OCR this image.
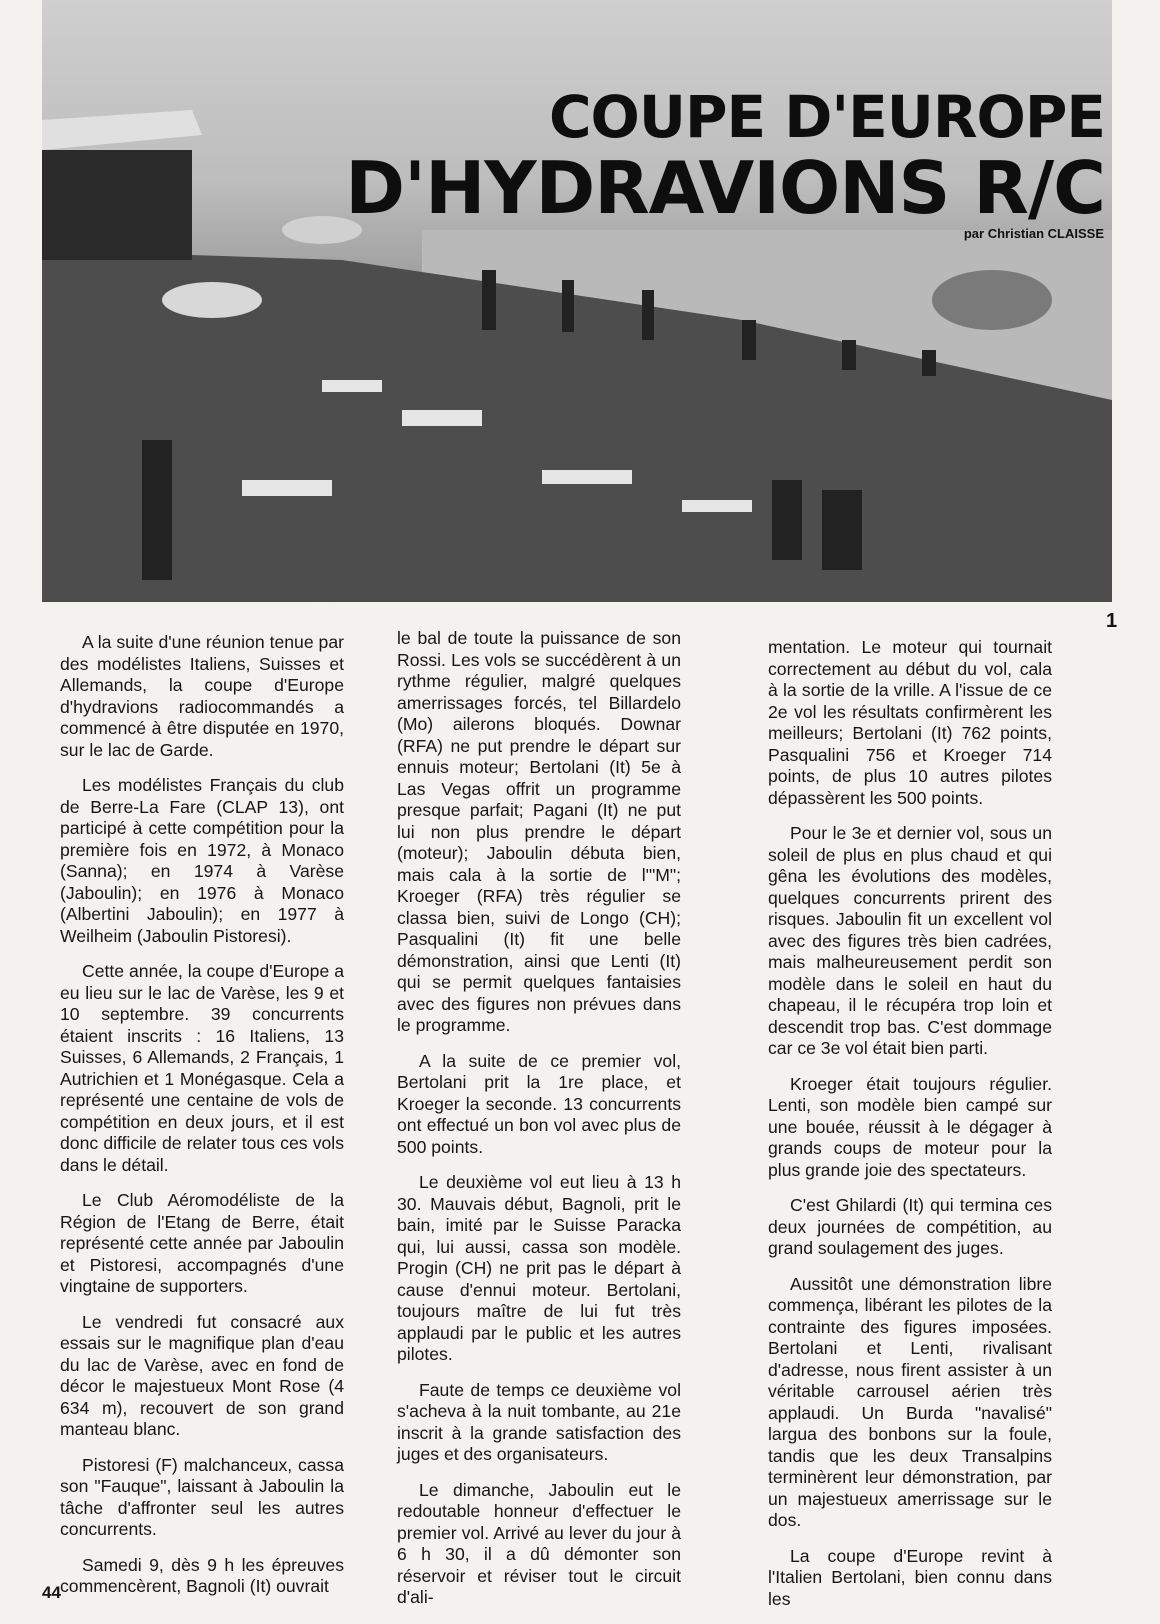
COUPE D'EUROPE
D'HYDRAVIONS R/C
par Christian CLAISSE
1

A la suite d'une réunion tenue par des modélistes Italiens, Suisses et Allemands, la coupe d'Europe d'hydravions radiocommandés a commencé à être disputée en 1970, sur le lac de Garde.

Les modélistes Français du club de Berre-La Fare (CLAP 13), ont participé à cette compétition pour la première fois en 1972, à Monaco (Sanna); en 1974 à Varèse (Jaboulin); en 1976 à Monaco (Albertini Jaboulin); en 1977 à Weilheim (Jaboulin Pistoresi).

Cette année, la coupe d'Europe a eu lieu sur le lac de Varèse, les 9 et 10 septembre. 39 concurrents étaient inscrits : 16 Italiens, 13 Suisses, 6 Allemands, 2 Français, 1 Autrichien et 1 Monégasque. Cela a représenté une centaine de vols de compétition en deux jours, et il est donc difficile de relater tous ces vols dans le détail.

Le Club Aéromodéliste de la Région de l'Etang de Berre, était représenté cette année par Jaboulin et Pistoresi, accompagnés d'une vingtaine de supporters.

Le vendredi fut consacré aux essais sur le magnifique plan d'eau du lac de Varèse, avec en fond de décor le majestueux Mont Rose (4 634 m), recouvert de son grand manteau blanc.

Pistoresi (F) malchanceux, cassa son "Fauque", laissant à Jaboulin la tâche d'affronter seul les autres concurrents.

Samedi 9, dès 9 h les épreuves commencèrent, Bagnoli (It) ouvrait

le bal de toute la puissance de son Rossi. Les vols se succédèrent à un rythme régulier, malgré quelques amerrissages forcés, tel Billardelo (Mo) ailerons bloqués. Downar (RFA) ne put prendre le départ sur ennuis moteur; Bertolani (It) 5e à Las Vegas offrit un programme presque parfait; Pagani (It) ne put lui non plus prendre le départ (moteur); Jaboulin débuta bien, mais cala à la sortie de l'"M"; Kroeger (RFA) très régulier se classa bien, suivi de Longo (CH); Pasqualini (It) fit une belle démonstration, ainsi que Lenti (It) qui se permit quelques fantaisies avec des figures non prévues dans le programme.

A la suite de ce premier vol, Bertolani prit la 1re place, et Kroeger la seconde. 13 concurrents ont effectué un bon vol avec plus de 500 points.

Le deuxième vol eut lieu à 13 h 30. Mauvais début, Bagnoli, prit le bain, imité par le Suisse Paracka qui, lui aussi, cassa son modèle. Progin (CH) ne prit pas le départ à cause d'ennui moteur. Bertolani, toujours maître de lui fut très applaudi par le public et les autres pilotes.

Faute de temps ce deuxième vol s'acheva à la nuit tombante, au 21e inscrit à la grande satisfaction des juges et des organisateurs.

Le dimanche, Jaboulin eut le redoutable honneur d'effectuer le premier vol. Arrivé au lever du jour à 6 h 30, il a dû démonter son réservoir et réviser tout le circuit d'ali-

mentation. Le moteur qui tournait correctement au début du vol, cala à la sortie de la vrille. A l'issue de ce 2e vol les résultats confirmèrent les meilleurs; Bertolani (It) 762 points, Pasqualini 756 et Kroeger 714 points, de plus 10 autres pilotes dépassèrent les 500 points.

Pour le 3e et dernier vol, sous un soleil de plus en plus chaud et qui gêna les évolutions des modèles, quelques concurrents prirent des risques. Jaboulin fit un excellent vol avec des figures très bien cadrées, mais malheureusement perdit son modèle dans le soleil en haut du chapeau, il le récupéra trop loin et descendit trop bas. C'est dommage car ce 3e vol était bien parti.

Kroeger était toujours régulier. Lenti, son modèle bien campé sur une bouée, réussit à le dégager à grands coups de moteur pour la plus grande joie des spectateurs.

C'est Ghilardi (It) qui termina ces deux journées de compétition, au grand soulagement des juges.

Aussitôt une démonstration libre commença, libérant les pilotes de la contrainte des figures imposées. Bertolani et Lenti, rivalisant d'adresse, nous firent assister à un véritable carrousel aérien très applaudi. Un Burda "navalisé" largua des bonbons sur la foule, tandis que les deux Transalpins terminèrent leur démonstration, par un majestueux amerrissage sur le dos.

La coupe d'Europe revint à l'Italien Bertolani, bien connu dans les

44
